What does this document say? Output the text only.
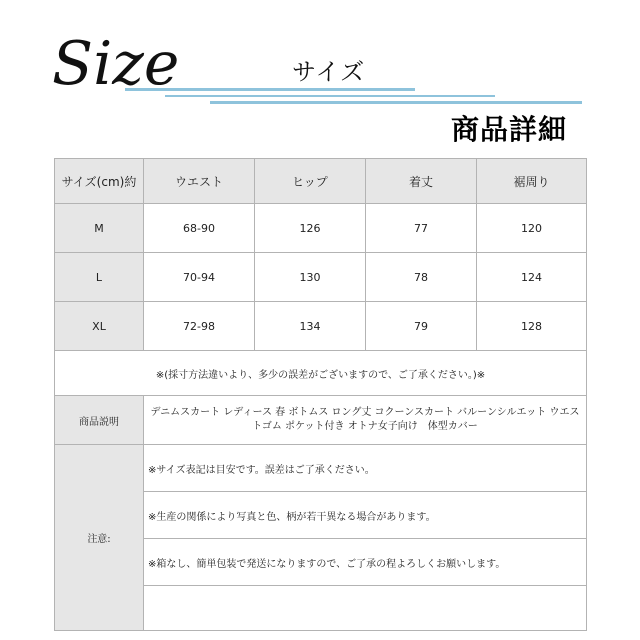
Size	サイズ
商品詳細
サイズ(cm)約	ウエスト	ヒップ	着丈	裾周り
M	68-90	126	77	120
L	70-94	130	78	124
XL	72-98	134	79	128
※(採寸方法違いより、多少の誤差がございますので、ご了承ください。)※				
商品説明	デニムスカート レディース 春 ボトムス ロング丈 コクーンスカート バルーンシルエット ウエストゴム ポケット付き オトナ女子向け　体型カバー			
注意:	※サイズ表記は目安です。誤差はご了承ください。			
	※生産の関係により写真と色、柄が若干異なる場合があります。			
	※箱なし、簡単包装で発送になりますので、ご了承の程よろしくお願いします。			
